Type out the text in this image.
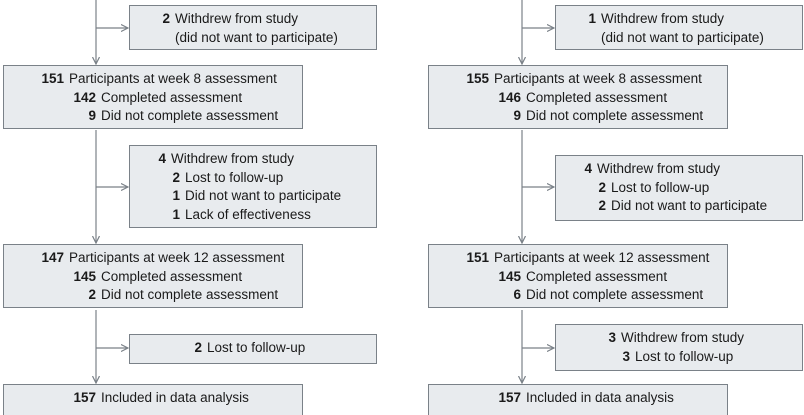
2 Withdrew from study
(did not want to participate)
151 Participants at week 8 assessment
142 Completed assessment
9 Did not complete assessment
4 Withdrew from study
2 Lost to follow-up
1 Did not want to participate
1 Lack of effectiveness
147 Participants at week 12 assessment
145 Completed assessment
2 Did not complete assessment
2 Lost to follow-up
157 Included in data analysis
1 Withdrew from study
(did not want to participate)
155 Participants at week 8 assessment
146 Completed assessment
9 Did not complete assessment
4 Withdrew from study
2 Lost to follow-up
2 Did not want to participate
151 Participants at week 12 assessment
145 Completed assessment
6 Did not complete assessment
3 Withdrew from study
3 Lost to follow-up
157 Included in data analysis
